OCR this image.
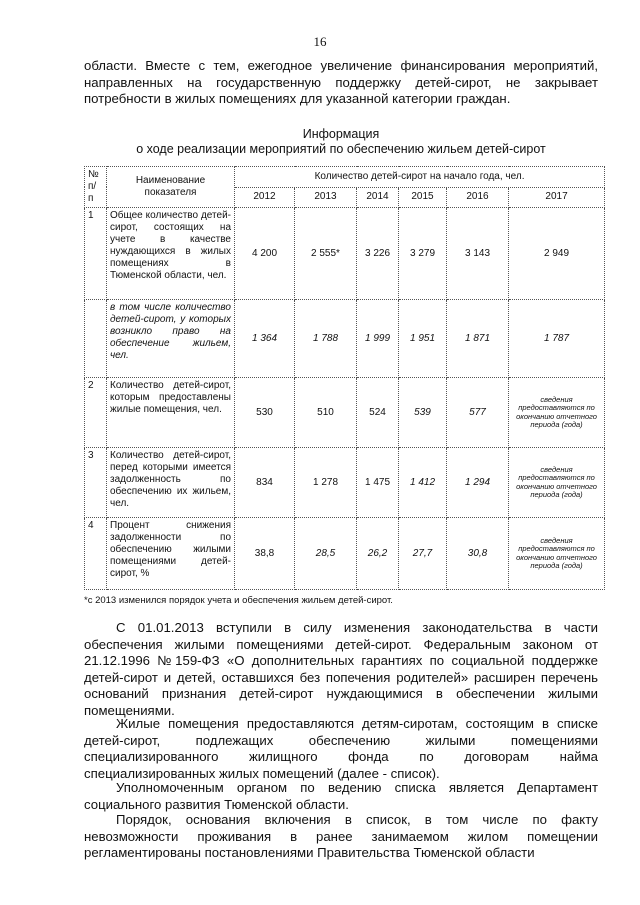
16

области. Вместе с тем, ежегодное увеличение финансирования мероприятий, направленных на государственную поддержку детей-сирот, не закрывает потребности в жилых помещениях для указанной категории граждан.

Информация
о ходе реализации мероприятий по обеспечению жильем детей-сирот
№ п/ п	Наименование показателя	Количество детей-сирот на начало года, чел.					
		2012	2013	2014	2015	2016	2017
1	Общее количество детей-сирот, состоящих на учете в качестве нуждающихся в жилых помещениях в Тюменской области, чел.	4 200	2 555*	3 226	3 279	3 143	2 949
	в том числе количество детей-сирот, у которых возникло право на обеспечение жильем, чел.	1 364	1 788	1 999	1 951	1 871	1 787
2	Количество детей-сирот, которым предоставлены жилые помещения, чел.	530	510	524	539	577	сведения предоставляются по окончанию отчетного периода (года)
3	Количество детей-сирот, перед которыми имеется задолженность по обеспечению их жильем, чел.	834	1 278	1 475	1 412	1 294	сведения предоставляются по окончанию отчетного периода (года)
4	Процент снижения задолженности по обеспечению жилыми помещениями детей-сирот, %	38,8	28,5	26,2	27,7	30,8	сведения предоставляются по окончанию отчетного периода (года)
*с 2013 изменился порядок учета и обеспечения жильем детей-сирот.

С 01.01.2013 вступили в силу изменения законодательства в части обеспечения жилыми помещениями детей-сирот. Федеральным законом от 21.12.1996 №159-ФЗ «О дополнительных гарантиях по социальной поддержке детей-сирот и детей, оставшихся без попечения родителей» расширен перечень оснований признания детей-сирот нуждающимися в обеспечении жилыми помещениями.

Жилые помещения предоставляются детям-сиротам, состоящим в списке детей-сирот, подлежащих обеспечению жилыми помещениями специализированного жилищного фонда по договорам найма специализированных жилых помещений (далее - список).

Уполномоченным органом по ведению списка является Департамент социального развития Тюменской области.

Порядок, основания включения в список, в том числе по факту невозможности проживания в ранее занимаемом жилом помещении регламентированы постановлениями Правительства Тюменской области
